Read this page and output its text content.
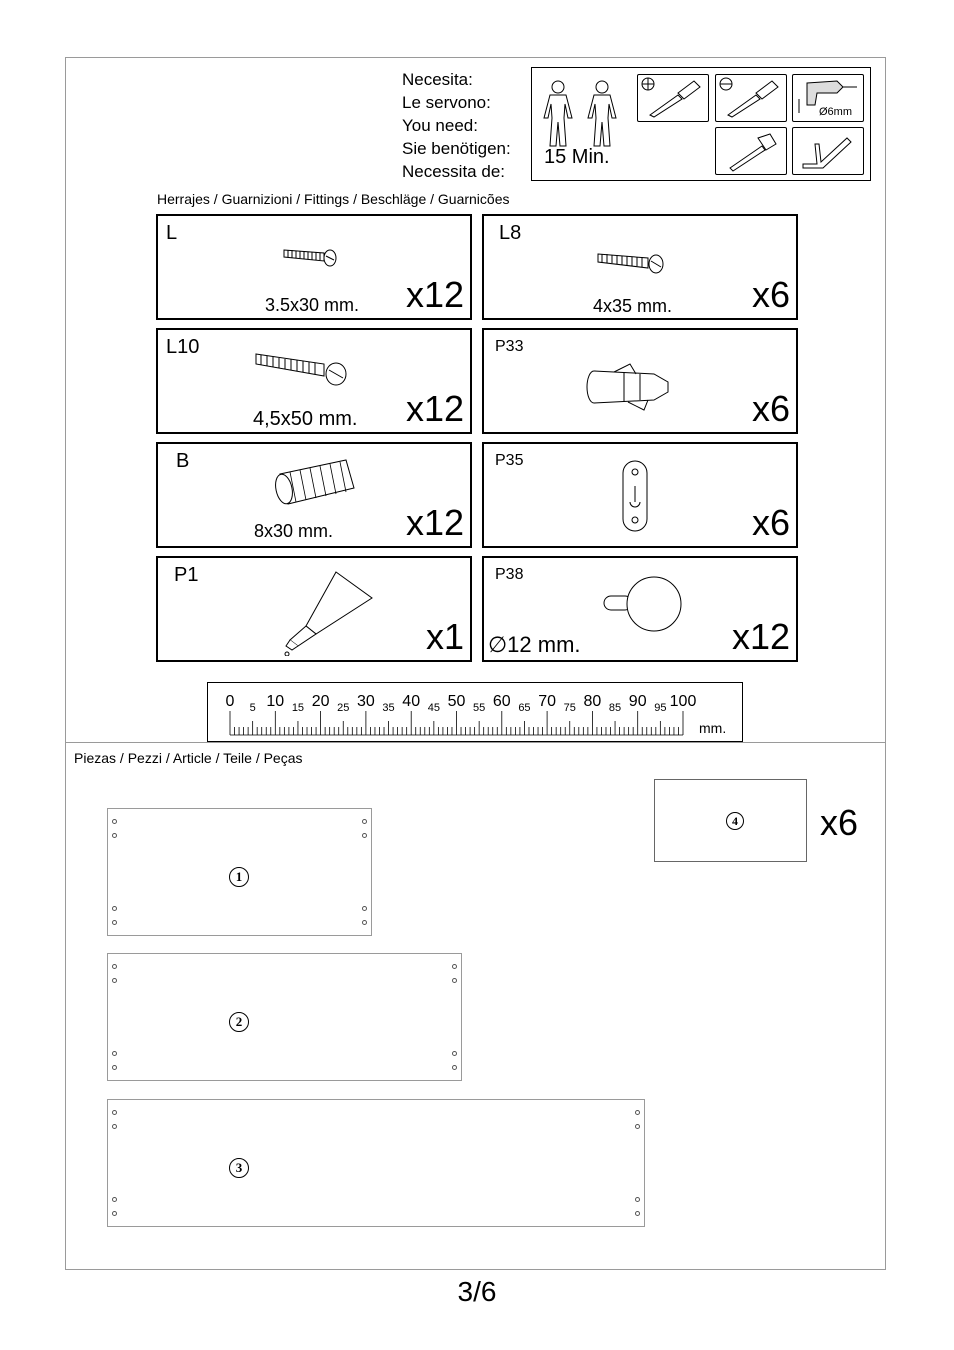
Necesita:
Le servono:
You need:
Sie benötigen:
Necessita de:
15 Min.
Ø6mm
Herrajes / Guarnizioni / Fittings / Beschläge / Guarnicões
L
3.5x30 mm. x12
L8
4x35 mm. x6
L10
4,5x50 mm. x12
P33
x6
B
8x30 mm. x12
P35
x6
P1
x1
P38
∅12 mm.	x12
0 10 20 30 40 50 60 70 80 90 100
5	15	25	35	45	55	65	75	85	95
mm.
Piezas / Pezzi / Article / Teile / Peças
1
2
3
4 x6
3/6
